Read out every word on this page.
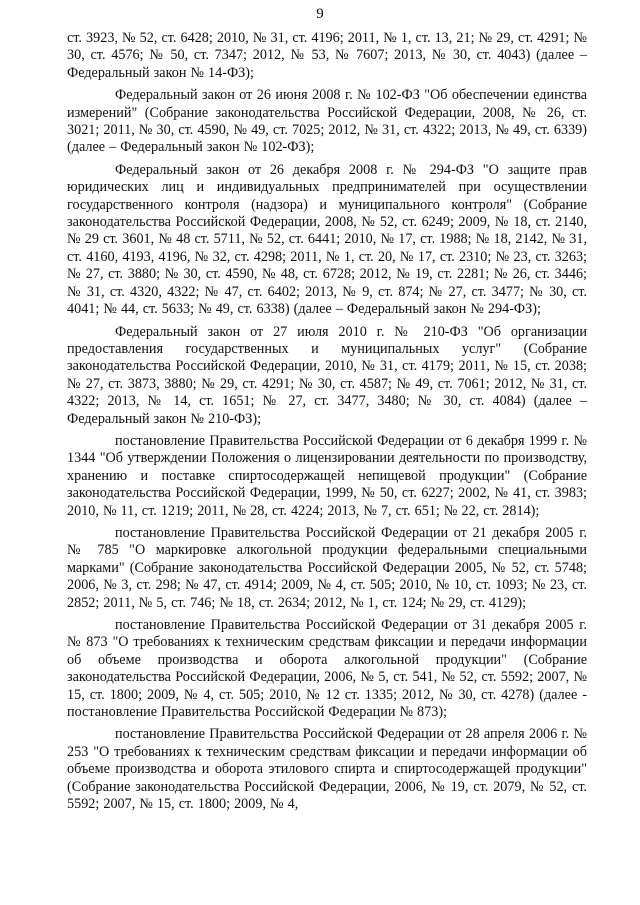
9

ст. 3923, № 52, ст. 6428; 2010, № 31, ст. 4196; 2011, № 1, ст. 13, 21; № 29, ст. 4291; № 30, ст. 4576; № 50, ст. 7347; 2012, № 53, № 7607; 2013, № 30, ст. 4043) (далее – Федеральный закон № 14-ФЗ);

Федеральный закон от 26 июня 2008 г. № 102-ФЗ "Об обеспечении единства измерений" (Собрание законодательства Российской Федерации, 2008, № 26, ст. 3021; 2011, № 30, ст. 4590, № 49, ст. 7025; 2012, № 31, ст. 4322; 2013, № 49, ст. 6339) (далее – Федеральный закон № 102-ФЗ);

Федеральный закон от 26 декабря 2008 г. № 294-ФЗ "О защите прав юридических лиц и индивидуальных предпринимателей при осуществлении государственного контроля (надзора) и муниципального контроля" (Собрание законодательства Российской Федерации, 2008, № 52, ст. 6249; 2009, № 18, ст. 2140, № 29 ст. 3601, № 48 ст. 5711, № 52, ст. 6441; 2010, № 17, ст. 1988; № 18, 2142, № 31, ст. 4160, 4193, 4196, № 32, ст. 4298; 2011, № 1, ст. 20, № 17, ст. 2310; № 23, ст. 3263; № 27, ст. 3880; № 30, ст. 4590, № 48, ст. 6728; 2012, № 19, ст. 2281; № 26, ст. 3446; № 31, ст. 4320, 4322; № 47, ст. 6402; 2013, № 9, ст. 874; № 27, ст. 3477; № 30, ст. 4041; № 44, ст. 5633; № 49, ст. 6338) (далее – Федеральный закон № 294-ФЗ);

Федеральный закон от 27 июля 2010 г. № 210-ФЗ "Об организации предоставления государственных и муниципальных услуг" (Собрание законодательства Российской Федерации, 2010, № 31, ст. 4179; 2011, № 15, ст. 2038; № 27, ст. 3873, 3880; № 29, ст. 4291; № 30, ст. 4587; № 49, ст. 7061; 2012, № 31, ст. 4322; 2013, № 14, ст. 1651; № 27, ст. 3477, 3480; № 30, ст. 4084) (далее – Федеральный закон № 210-ФЗ);

постановление Правительства Российской Федерации от 6 декабря 1999 г. № 1344 "Об утверждении Положения о лицензировании деятельности по производству, хранению и поставке спиртосодержащей непищевой продукции" (Собрание законодательства Российской Федерации, 1999, № 50, ст. 6227; 2002, № 41, ст. 3983; 2010, № 11, ст. 1219; 2011, № 28, ст. 4224; 2013, № 7, ст. 651; № 22, ст. 2814);

постановление Правительства Российской Федерации от 21 декабря 2005 г. № 785 "О маркировке алкогольной продукции федеральными специальными марками" (Собрание законодательства Российской Федерации 2005, № 52, ст. 5748; 2006, № 3, ст. 298; № 47, ст. 4914; 2009, № 4, ст. 505; 2010, № 10, ст. 1093; № 23, ст. 2852; 2011, № 5, ст. 746; № 18, ст. 2634; 2012, № 1, ст. 124; № 29, ст. 4129);

постановление Правительства Российской Федерации от 31 декабря 2005 г. № 873 "О требованиях к техническим средствам фиксации и передачи информации об объеме производства и оборота алкогольной продукции" (Собрание законодательства Российской Федерации, 2006, № 5, ст. 541, № 52, ст. 5592; 2007, № 15, ст. 1800; 2009, № 4, ст. 505; 2010, № 12 ст. 1335; 2012, № 30, ст. 4278) (далее - постановление Правительства Российской Федерации № 873);

постановление Правительства Российской Федерации от 28 апреля 2006 г. № 253 "О требованиях к техническим средствам фиксации и передачи информации об объеме производства и оборота этилового спирта и спиртосодержащей продукции" (Собрание законодательства Российской Федерации, 2006, № 19, ст. 2079, № 52, ст. 5592; 2007, № 15, ст. 1800; 2009, № 4,
